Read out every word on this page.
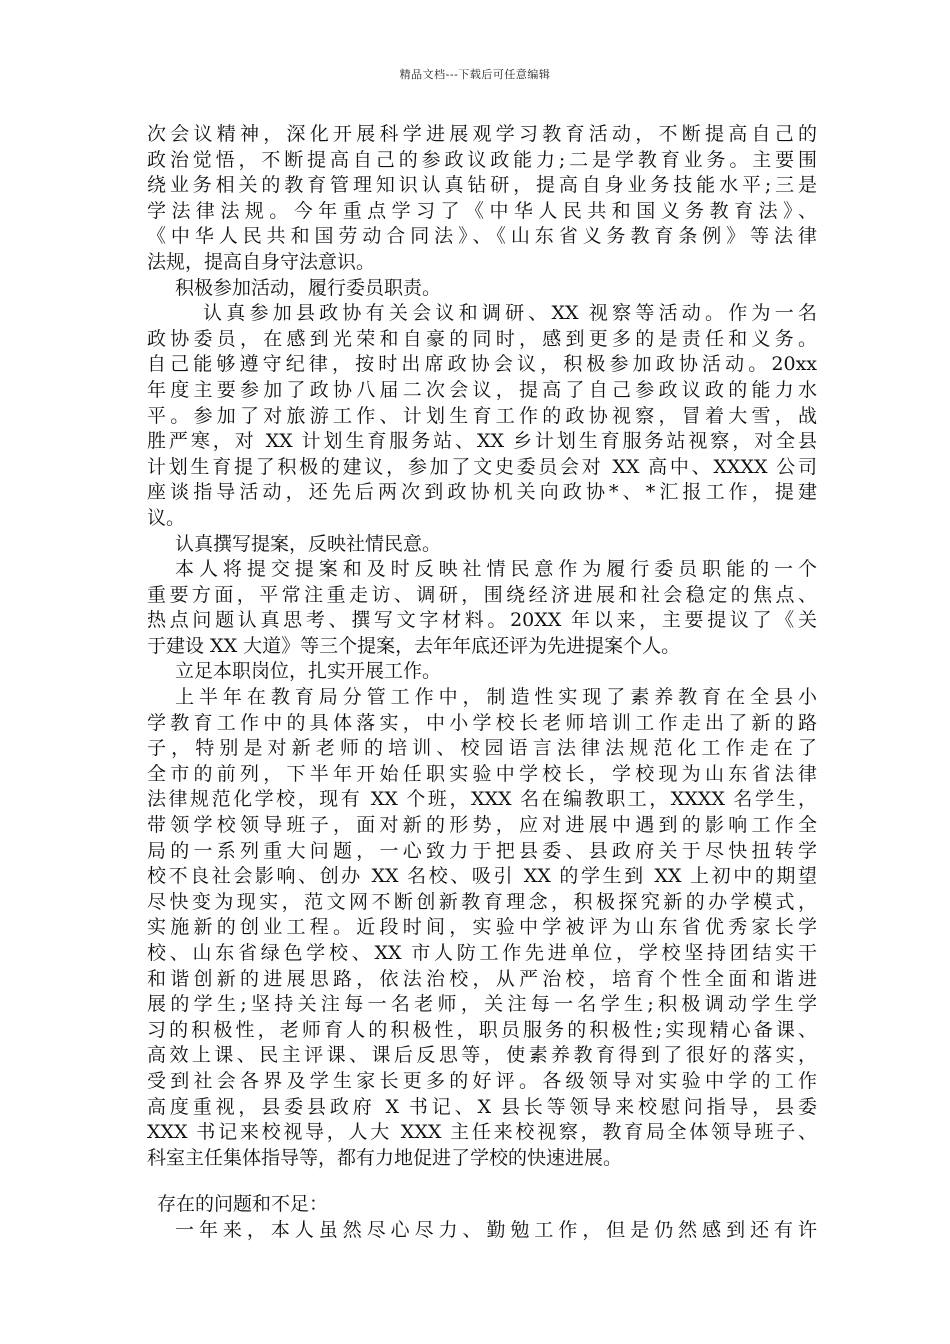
精品文档---下载后可任意编辑
次会议精神，深化开展科学进展观学习教育活动，不断提高自己的
政治觉悟，不断提高自己的参政议政能力;二是学教育业务。主要围
绕业务相关的教育管理知识认真钻研，提高自身业务技能水平;三是
学法律法规。今年重点学习了《中华人民共和国义务教育法》、
《中华人民共和国劳动合同法》、《山东省义务教育条例》等法律
法规，提高自身守法意识。
积极参加活动，履行委员职责。
认真参加县政协有关会议和调研、XX 视察等活动。作为一名
政协委员，在感到光荣和自豪的同时，感到更多的是责任和义务。
自己能够遵守纪律，按时出席政协会议，积极参加政协活动。20xx
年度主要参加了政协八届二次会议，提高了自己参政议政的能力水
平。参加了对旅游工作、计划生育工作的政协视察，冒着大雪，战
胜严寒，对 XX 计划生育服务站、XX 乡计划生育服务站视察，对全县
计划生育提了积极的建议，参加了文史委员会对 XX 高中、XXXX 公司
座谈指导活动，还先后两次到政协机关向政协*、*汇报工作，提建
议。
认真撰写提案，反映社情民意。
本人将提交提案和及时反映社情民意作为履行委员职能的一个
重要方面，平常注重走访、调研，围绕经济进展和社会稳定的焦点、
热点问题认真思考、撰写文字材料。20XX 年以来，主要提议了《关
于建设 XX 大道》等三个提案，去年年底还评为先进提案个人。
立足本职岗位，扎实开展工作。
上半年在教育局分管工作中，制造性实现了素养教育在全县小
学教育工作中的具体落实，中小学校长老师培训工作走出了新的路
子，特别是对新老师的培训、校园语言法律法规范化工作走在了
全市的前列，下半年开始任职实验中学校长，学校现为山东省法律
法律规范化学校，现有 XX 个班，XXX 名在编教职工，XXXX 名学生，
带领学校领导班子，面对新的形势，应对进展中遇到的影响工作全
局的一系列重大问题，一心致力于把县委、县政府关于尽快扭转学
校不良社会影响、创办 XX 名校、吸引 XX 的学生到 XX 上初中的期望
尽快变为现实，范文网不断创新教育理念，积极探究新的办学模式，
实施新的创业工程。近段时间，实验中学被评为山东省优秀家长学
校、山东省绿色学校、XX 市人防工作先进单位，学校坚持团结实干
和谐创新的进展思路，依法治校，从严治校，培育个性全面和谐进
展的学生;坚持关注每一名老师，关注每一名学生;积极调动学生学
习的积极性，老师育人的积极性，职员服务的积极性;实现精心备课、
高效上课、民主评课、课后反思等，使素养教育得到了很好的落实，
受到社会各界及学生家长更多的好评。各级领导对实验中学的工作
高度重视，县委县政府 X 书记、X 县长等领导来校慰问指导，县委
XXX 书记来校视导，人大 XXX 主任来校视察，教育局全体领导班子、
科室主任集体指导等，都有力地促进了学校的快速进展。
存在的问题和不足：
一年来，本人虽然尽心尽力、勤勉工作，但是仍然感到还有许
